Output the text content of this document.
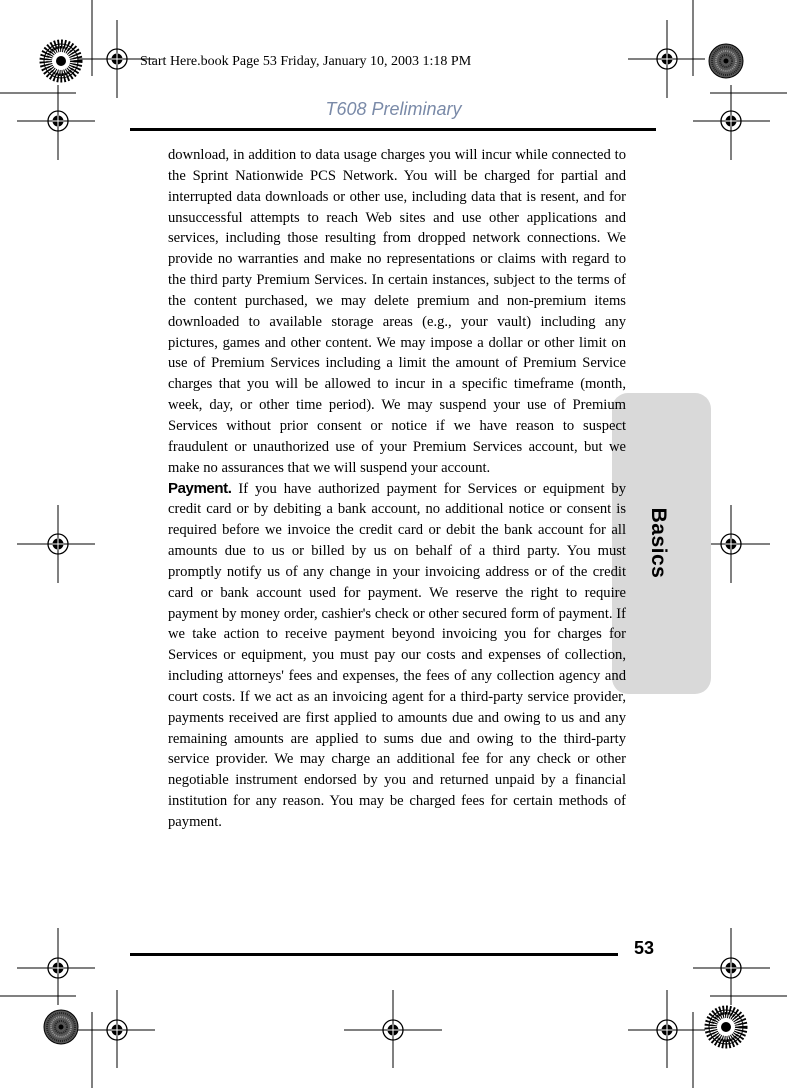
Start Here.book Page 53 Friday, January 10, 2003 1:18 PM
T608 Preliminary
Basics

download, in addition to data usage charges you will incur while connected to the Sprint Nationwide PCS Network. You will be charged for partial and interrupted data downloads or other use, including data that is resent, and for unsuccessful attempts to reach Web sites and use other applications and services, including those resulting from dropped network connections. We provide no warranties and make no representations or claims with regard to the third party Premium Services. In certain instances, subject to the terms of the content purchased, we may delete premium and non-premium items downloaded to available storage areas (e.g., your vault) including any pictures, games and other content. We may impose a dollar or other limit on use of Premium Services including a limit the amount of Premium Service charges that you will be allowed to incur in a specific timeframe (month, week, day, or other time period). We may suspend your use of Premium Services without prior consent or notice if we have reason to suspect fraudulent or unauthorized use of your Premium Services account, but we make no assurances that we will suspend your account.

Payment. If you have authorized payment for Services or equipment by credit card or by debiting a bank account, no additional notice or consent is required before we invoice the credit card or debit the bank account for all amounts due to us or billed by us on behalf of a third party. You must promptly notify us of any change in your invoicing address or of the credit card or bank account used for payment. We reserve the right to require payment by money order, cashier's check or other secured form of payment. If we take action to receive payment beyond invoicing you for charges for Services or equipment, you must pay our costs and expenses of collection, including attorneys' fees and expenses, the fees of any collection agency and court costs. If we act as an invoicing agent for a third-party service provider, payments received are first applied to amounts due and owing to us and any remaining amounts are applied to sums due and owing to the third-party service provider. We may charge an additional fee for any check or other negotiable instrument endorsed by you and returned unpaid by a financial institution for any reason. You may be charged fees for certain methods of payment.

53
